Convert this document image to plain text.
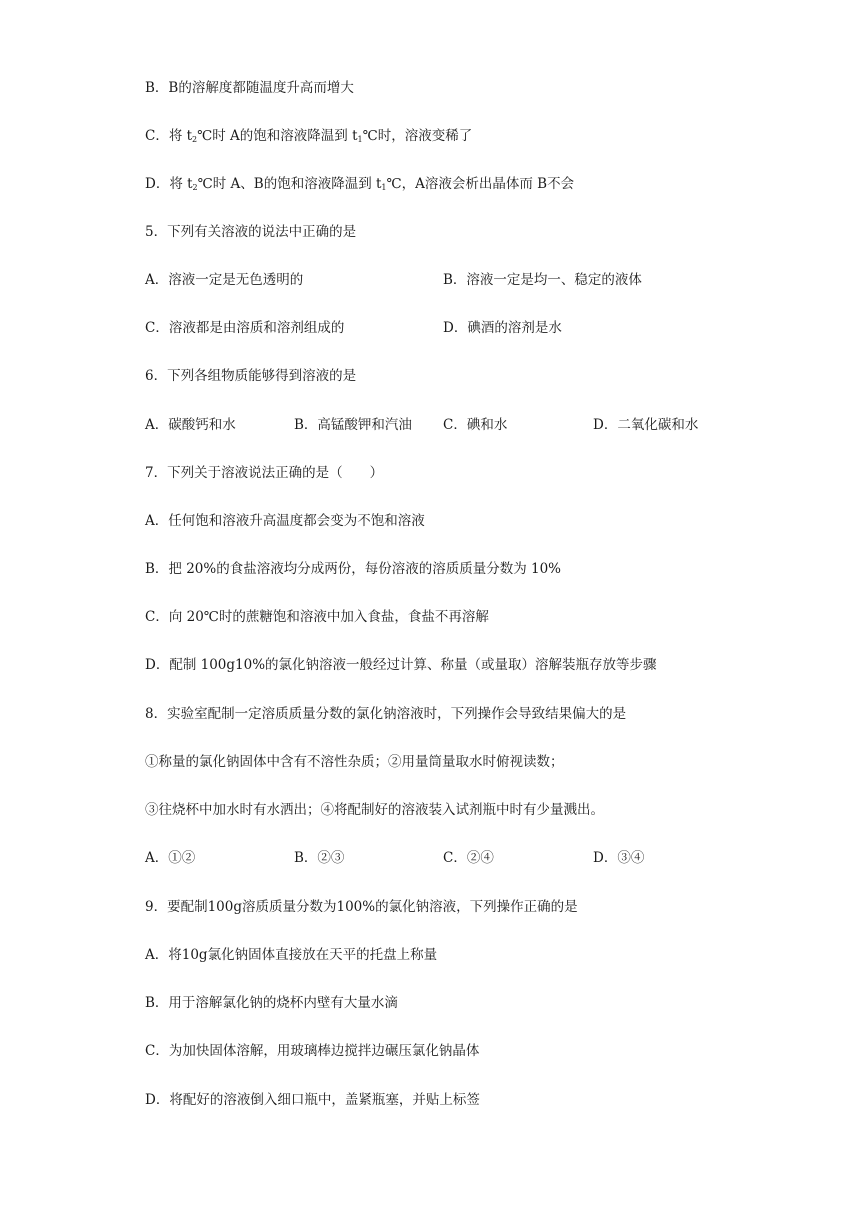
B．B的溶解度都随温度升高而增大
C．将 $t_2℃$时 A的饱和溶液降温到 $t_1℃$时，溶液变稀了
D．将 $t_2℃$时 A、B的饱和溶液降温到 $t_1℃$，A溶液会析出晶体而 B不会
5．下列有关溶液的说法中正确的是
A．溶液一定是无色透明的	B．溶液一定是均一、稳定的液体
C．溶液都是由溶质和溶剂组成的	D．碘酒的溶剂是水
6．下列各组物质能够得到溶液的是
A．碳酸钙和水	B．高锰酸钾和汽油 C．碘和水	D．二氧化碳和水
7．下列关于溶液说法正确的是（　　）
A．任何饱和溶液升高温度都会变为不饱和溶液
B．把 20%的食盐溶液均分成两份，每份溶液的溶质质量分数为 10%
C．向 20℃时的蔗糖饱和溶液中加入食盐，食盐不再溶解
D．配制 100g10%的氯化钠溶液一般经过计算、称量（或量取）溶解装瓶存放等步骤
8．实验室配制一定溶质质量分数的氯化钠溶液时，下列操作会导致结果偏大的是
①称量的氯化钠固体中含有不溶性杂质；②用量筒量取水时俯视读数；
③往烧杯中加水时有水洒出；④将配制好的溶液装入试剂瓶中时有少量溅出。
A．①②	B．②③	C．②④	D．③④
9．要配制100g溶质质量分数为100%的氯化钠溶液，下列操作正确的是
A．将10g氯化钠固体直接放在天平的托盘上称量
B．用于溶解氯化钠的烧杯内壁有大量水滴
C．为加快固体溶解，用玻璃棒边搅拌边碾压氯化钠晶体
D．将配好的溶液倒入细口瓶中，盖紧瓶塞，并贴上标签
